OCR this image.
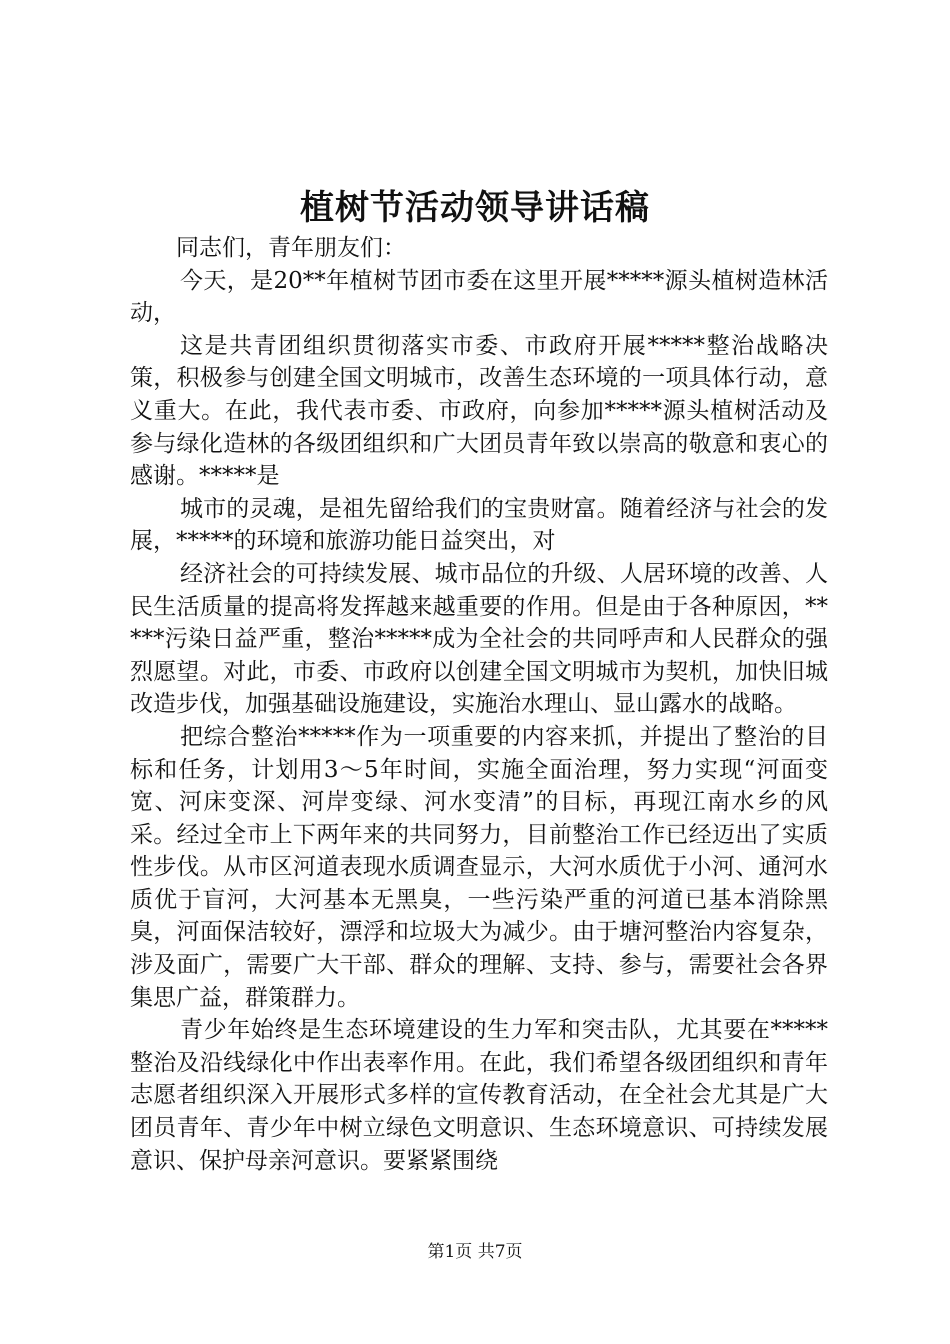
植树节活动领导讲话稿

同志们，青年朋友们：

今天，是20**年植树节团市委在这里开展*****源头植树造林活动，

这是共青团组织贯彻落实市委、市政府开展*****整治战略决策，积极参与创建全国文明城市，改善生态环境的一项具体行动，意义重大。在此，我代表市委、市政府，向参加*****源头植树活动及参与绿化造林的各级团组织和广大团员青年致以崇高的敬意和衷心的感谢。*****是

城市的灵魂，是祖先留给我们的宝贵财富。随着经济与社会的发展，*****的环境和旅游功能日益突出，对

经济社会的可持续发展、城市品位的升级、人居环境的改善、人民生活质量的提高将发挥越来越重要的作用。但是由于各种原因，*****污染日益严重，整治*****成为全社会的共同呼声和人民群众的强烈愿望。对此，市委、市政府以创建全国文明城市为契机，加快旧城改造步伐，加强基础设施建设，实施治水理山、显山露水的战略。

把综合整治*****作为一项重要的内容来抓，并提出了整治的目标和任务，计划用3～5年时间，实施全面治理，努力实现“河面变宽、河床变深、河岸变绿、河水变清”的目标，再现江南水乡的风采。经过全市上下两年来的共同努力，目前整治工作已经迈出了实质性步伐。从市区河道表现水质调查显示，大河水质优于小河、通河水质优于盲河，大河基本无黑臭，一些污染严重的河道已基本消除黑臭，河面保洁较好，漂浮和垃圾大为减少。由于塘河整治内容复杂，涉及面广，需要广大干部、群众的理解、支持、参与，需要社会各界集思广益，群策群力。

青少年始终是生态环境建设的生力军和突击队，尤其要在*****整治及沿线绿化中作出表率作用。在此，我们希望各级团组织和青年志愿者组织深入开展形式多样的宣传教育活动，在全社会尤其是广大团员青年、青少年中树立绿色文明意识、生态环境意识、可持续发展意识、保护母亲河意识。要紧紧围绕

第1页 共7页
